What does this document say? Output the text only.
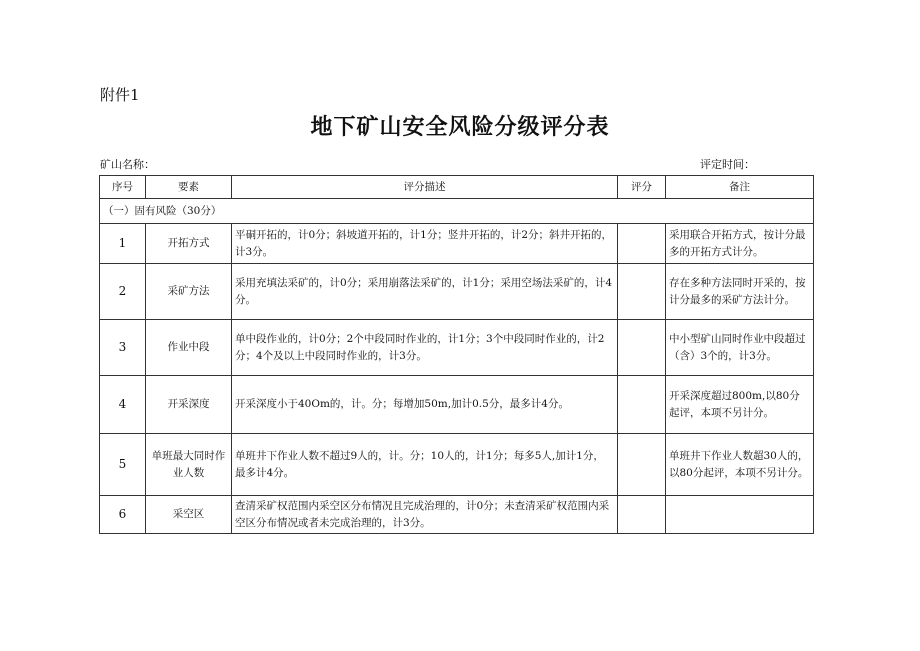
附件1
地下矿山安全风险分级评分表
矿山名称：	评定时间：
序号	要素	评分描述	评分	备注
（一）固有风险（30分）				
1	开拓方式	平硐开拓的，计0分；斜坡道开拓的，计1分；竖井开拓的，计2分；斜井开拓的，计3分。		采用联合开拓方式，按计分最多的开拓方式计分。
2	采矿方法	采用充填法采矿的，计0分；采用崩落法采矿的，计1分；采用空场法采矿的，计4分。		存在多种方法同时开采的，按计分最多的采矿方法计分。
3	作业中段	单中段作业的，计0分；2个中段同时作业的，计1分；3个中段同时作业的，计2分；4个及以上中段同时作业的，计3分。		中小型矿山同时作业中段超过（含）3个的，计3分。
4	开采深度	开采深度小于40Om的，计。分；每增加50m,加计0.5分，最多计4分。		开采深度超过800m,以80分起评，本项不另计分。
5	单班最大同时作业人数	单班井下作业人数不超过9人的，计。分；10人的，计1分；每多5人,加计1分，最多计4分。		单班井下作业人数超30人的，以80分起评，本项不另计分。
6	采空区	查清采矿权范围内采空区分布情况且完成治理的，计0分；未查清采矿权范围内采空区分布情况或者未完成治理的，计3分。		
